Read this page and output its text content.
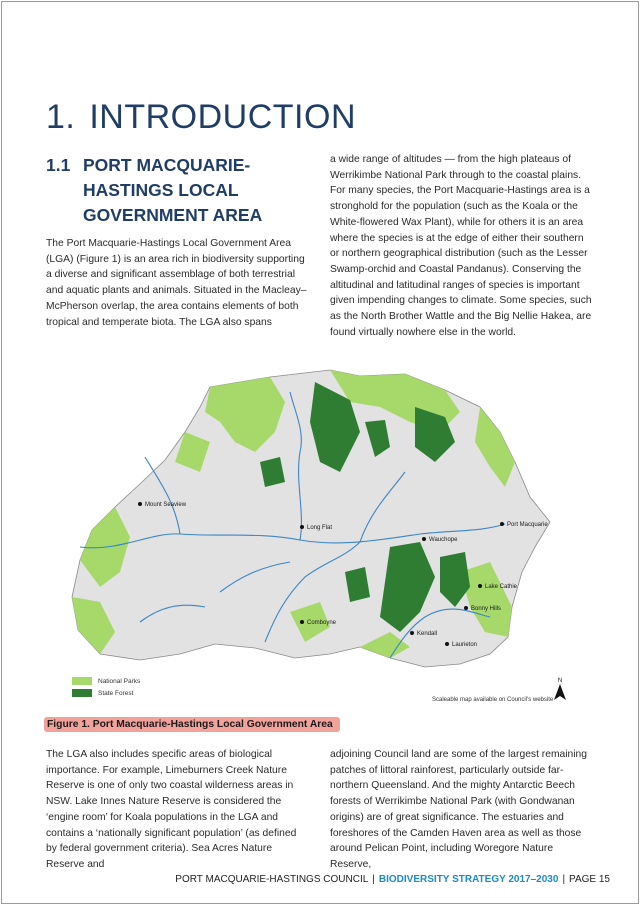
1. INTRODUCTION
1.1 PORT MACQUARIE-HASTINGS LOCAL GOVERNMENT AREA

The Port Macquarie-Hastings Local Government Area (LGA) (Figure 1) is an area rich in biodiversity supporting a diverse and significant assemblage of both terrestrial and aquatic plants and animals. Situated in the Macleay–McPherson overlap, the area contains elements of both tropical and temperate biota. The LGA also spans

a wide range of altitudes — from the high plateaus of Werrikimbe National Park through to the coastal plains. For many species, the Port Macquarie-Hastings area is a stronghold for the population (such as the Koala or the White-flowered Wax Plant), while for others it is an area where the species is at the edge of either their southern or northern geographical distribution (such as the Lesser Swamp-orchid and Coastal Pandanus). Conserving the altitudinal and latitudinal ranges of species is important given impending changes to climate. Some species, such as the North Brother Wattle and the Big Nellie Hakea, are found virtually nowhere else in the world.

Mount Seaview
Long Flat
Wauchope
Port Macquarie
Lake Cathie
Bonny Hills
Comboyne
Kendall
Laurieton
National Parks
State Forest
Scaleable map available on Council's website
N

Figure 1. Port Macquarie-Hastings Local Government Area

The LGA also includes specific areas of biological importance. For example, Limeburners Creek Nature Reserve is one of only two coastal wilderness areas in NSW. Lake Innes Nature Reserve is considered the ‘engine room’ for Koala populations in the LGA and contains a ‘nationally significant population’ (as defined by federal government criteria). Sea Acres Nature Reserve and

adjoining Council land are some of the largest remaining patches of littoral rainforest, particularly outside far-northern Queensland. And the mighty Antarctic Beech forests of Werrikimbe National Park (with Gondwanan origins) are of great significance. The estuaries and foreshores of the Camden Haven area as well as those around Pelican Point, including Woregore Nature Reserve,

PORT MACQUARIE-HASTINGS COUNCIL | BIODIVERSITY STRATEGY 2017–2030 | PAGE 15
